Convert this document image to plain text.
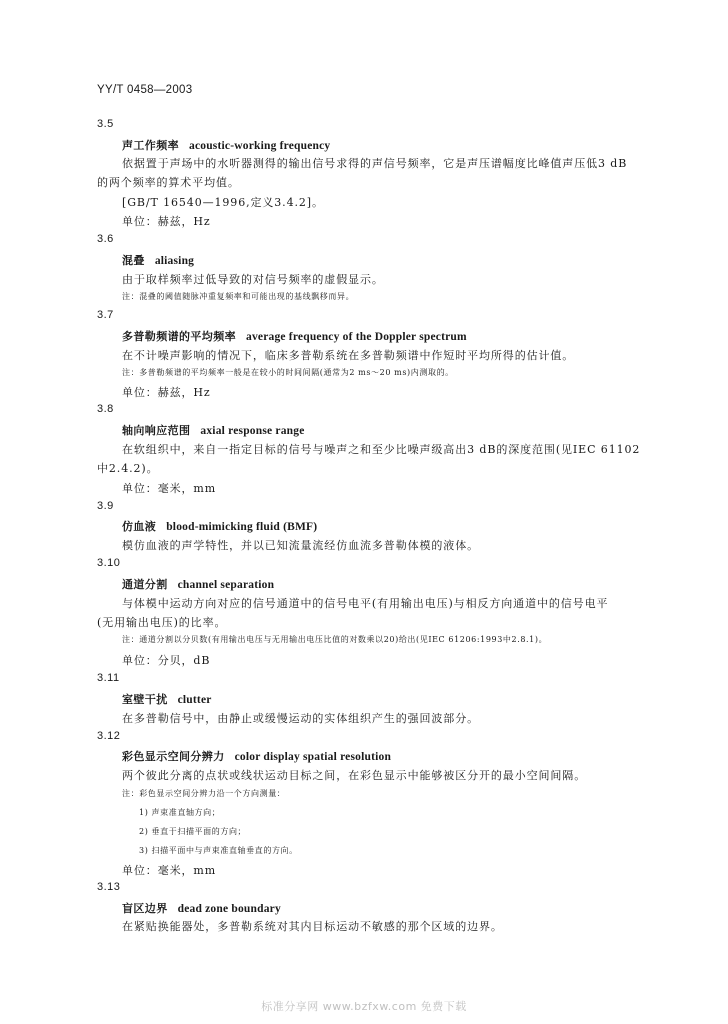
YY/T 0458—2003
3.5
声工作频率 acoustic-working frequency
依据置于声场中的水听器测得的输出信号求得的声信号频率，它是声压谱幅度比峰值声压低3 dB
的两个频率的算术平均值。
[GB/T 16540—1996,定义3.4.2]。
单位：赫兹，Hz
3.6
混叠 aliasing
由于取样频率过低导致的对信号频率的虚假显示。
注：混叠的阈值随脉冲重复频率和可能出现的基线飘移而异。
3.7
多普勒频谱的平均频率 average frequency of the Doppler spectrum
在不计噪声影响的情况下，临床多普勒系统在多普勒频谱中作短时平均所得的估计值。
注：多普勒频谱的平均频率一般是在较小的时间间隔(通常为2 ms～20 ms)内测取的。
单位：赫兹，Hz
3.8
轴向响应范围 axial response range
在软组织中，来自一指定目标的信号与噪声之和至少比噪声级高出3 dB的深度范围(见IEC 61102
中2.4.2)。
单位：毫米，mm
3.9
仿血液 blood-mimicking fluid (BMF)
模仿血液的声学特性，并以已知流量流经仿血流多普勒体模的液体。
3.10
通道分割 channel separation
与体模中运动方向对应的信号通道中的信号电平(有用输出电压)与相反方向通道中的信号电平
(无用输出电压)的比率。
注：通道分割以分贝数(有用输出电压与无用输出电压比值的对数乘以20)给出(见IEC 61206:1993中2.8.1)。
单位：分贝，dB
3.11
室壁干扰 clutter
在多普勒信号中，由静止或缓慢运动的实体组织产生的强回波部分。
3.12
彩色显示空间分辨力 color display spatial resolution
两个彼此分离的点状或线状运动目标之间，在彩色显示中能够被区分开的最小空间间隔。
注：彩色显示空间分辨力沿一个方向测量：
1) 声束准直轴方向；
2) 垂直于扫描平面的方向；
3) 扫描平面中与声束准直轴垂直的方向。
单位：毫米，mm
3.13
盲区边界 dead zone boundary
在紧贴换能器处，多普勒系统对其内目标运动不敏感的那个区域的边界。
标准分享网 www.bzfxw.com 免费下载
